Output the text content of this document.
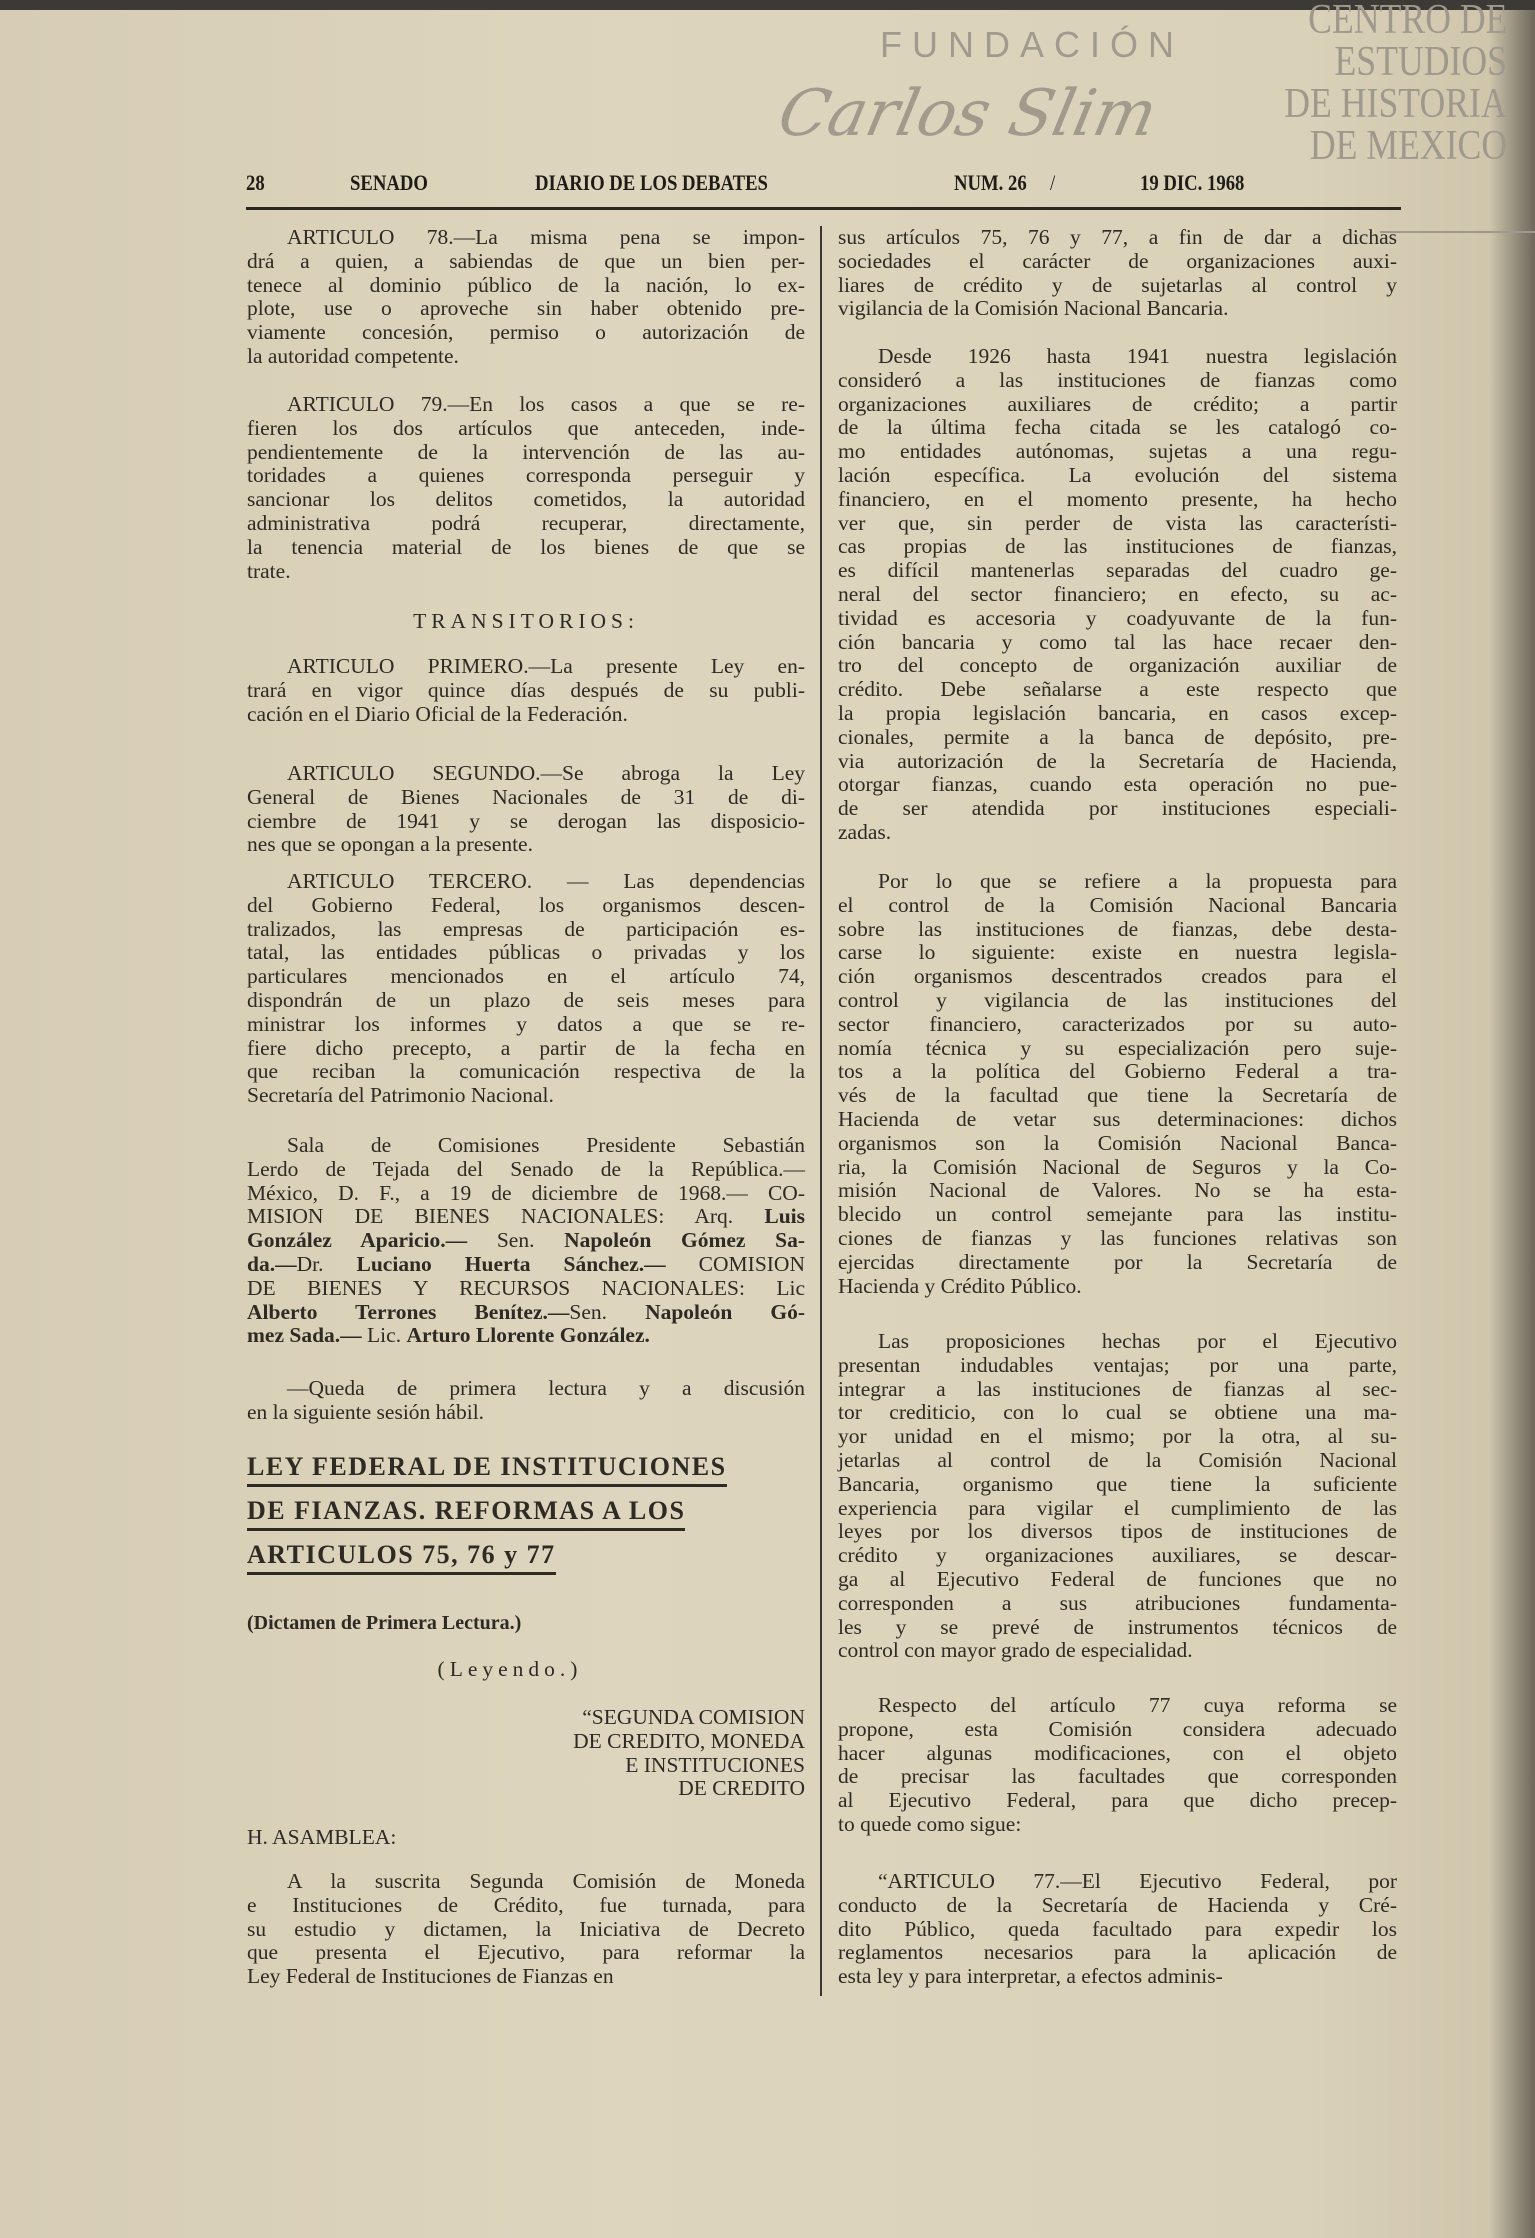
CENTRO DE
ESTUDIOS
DE HISTORIA
DE MEXICO
FUNDACIÓN
Carlos Slim
28	SENADO	DIARIO DE LOS DEBATES	NUM. 26 /	19 DIC. 1968
ARTICULO 78.—La misma pena se impon-
drá a quien, a sabiendas de que un bien per-
tenece al dominio público de la nación, lo ex-
plote, use o aproveche sin haber obtenido pre-
viamente concesión, permiso o autorización de
la autoridad competente.
ARTICULO 79.—En los casos a que se re-
fieren los dos artículos que anteceden, inde-
pendientemente de la intervención de las au-
toridades a quienes corresponda perseguir y
sancionar los delitos cometidos, la autoridad
administrativa podrá recuperar, directamente,
la tenencia material de los bienes de que se
trate.
TRANSITORIOS:
ARTICULO PRIMERO.—La presente Ley en-
trará en vigor quince días después de su publi-
cación en el Diario Oficial de la Federación.
ARTICULO SEGUNDO.—Se abroga la Ley
General de Bienes Nacionales de 31 de di-
ciembre de 1941 y se derogan las disposicio-
nes que se opongan a la presente.
ARTICULO TERCERO. — Las dependencias
del Gobierno Federal, los organismos descen-
tralizados, las empresas de participación es-
tatal, las entidades públicas o privadas y los
particulares mencionados en el artículo 74,
dispondrán de un plazo de seis meses para
ministrar los informes y datos a que se re-
fiere dicho precepto, a partir de la fecha en
que reciban la comunicación respectiva de la
Secretaría del Patrimonio Nacional.
Sala de Comisiones Presidente Sebastián
Lerdo de Tejada del Senado de la República.—
México, D. F., a 19 de diciembre de 1968.— CO-
MISION DE BIENES NACIONALES: Arq. Luis
González Aparicio.— Sen. Napoleón Gómez Sa-
da.—Dr. Luciano Huerta Sánchez.— COMISION
DE BIENES Y RECURSOS NACIONALES: Lic
Alberto Terrones Benítez.—Sen. Napoleón Gó-
mez Sada.— Lic. Arturo Llorente González.
—Queda de primera lectura y a discusión
en la siguiente sesión hábil.
LEY FEDERAL DE INSTITUCIONES
DE FIANZAS. REFORMAS A LOS
ARTICULOS 75, 76 y 77
(Dictamen de Primera Lectura.)
(Leyendo.)
“SEGUNDA COMISION
DE CREDITO, MONEDA
E INSTITUCIONES
DE CREDITO
H. ASAMBLEA:
A la suscrita Segunda Comisión de Moneda
e Instituciones de Crédito, fue turnada, para
su estudio y dictamen, la Iniciativa de Decreto
que presenta el Ejecutivo, para reformar la
Ley Federal de Instituciones de Fianzas en
sus artículos 75, 76 y 77, a fin de dar a dichas
sociedades el carácter de organizaciones auxi-
liares de crédito y de sujetarlas al control y
vigilancia de la Comisión Nacional Bancaria.
Desde 1926 hasta 1941 nuestra legislación
consideró a las instituciones de fianzas como
organizaciones auxiliares de crédito; a partir
de la última fecha citada se les catalogó co-
mo entidades autónomas, sujetas a una regu-
lación específica. La evolución del sistema
financiero, en el momento presente, ha hecho
ver que, sin perder de vista las característi-
cas propias de las instituciones de fianzas,
es difícil mantenerlas separadas del cuadro ge-
neral del sector financiero; en efecto, su ac-
tividad es accesoria y coadyuvante de la fun-
ción bancaria y como tal las hace recaer den-
tro del concepto de organización auxiliar de
crédito. Debe señalarse a este respecto que
la propia legislación bancaria, en casos excep-
cionales, permite a la banca de depósito, pre-
via autorización de la Secretaría de Hacienda,
otorgar fianzas, cuando esta operación no pue-
de ser atendida por instituciones especiali-
zadas.
Por lo que se refiere a la propuesta para
el control de la Comisión Nacional Bancaria
sobre las instituciones de fianzas, debe desta-
carse lo siguiente: existe en nuestra legisla-
ción organismos descentrados creados para el
control y vigilancia de las instituciones del
sector financiero, caracterizados por su auto-
nomía técnica y su especialización pero suje-
tos a la política del Gobierno Federal a tra-
vés de la facultad que tiene la Secretaría de
Hacienda de vetar sus determinaciones: dichos
organismos son la Comisión Nacional Banca-
ria, la Comisión Nacional de Seguros y la Co-
misión Nacional de Valores. No se ha esta-
blecido un control semejante para las institu-
ciones de fianzas y las funciones relativas son
ejercidas directamente por la Secretaría de
Hacienda y Crédito Público.
Las proposiciones hechas por el Ejecutivo
presentan indudables ventajas; por una parte,
integrar a las instituciones de fianzas al sec-
tor crediticio, con lo cual se obtiene una ma-
yor unidad en el mismo; por la otra, al su-
jetarlas al control de la Comisión Nacional
Bancaria, organismo que tiene la suficiente
experiencia para vigilar el cumplimiento de las
leyes por los diversos tipos de instituciones de
crédito y organizaciones auxiliares, se descar-
ga al Ejecutivo Federal de funciones que no
corresponden a sus atribuciones fundamenta-
les y se prevé de instrumentos técnicos de
control con mayor grado de especialidad.
Respecto del artículo 77 cuya reforma se
propone, esta Comisión considera adecuado
hacer algunas modificaciones, con el objeto
de precisar las facultades que corresponden
al Ejecutivo Federal, para que dicho precep-
to quede como sigue:
“ARTICULO 77.—El Ejecutivo Federal, por
conducto de la Secretaría de Hacienda y Cré-
dito Público, queda facultado para expedir los
reglamentos necesarios para la aplicación de
esta ley y para interpretar, a efectos adminis-
